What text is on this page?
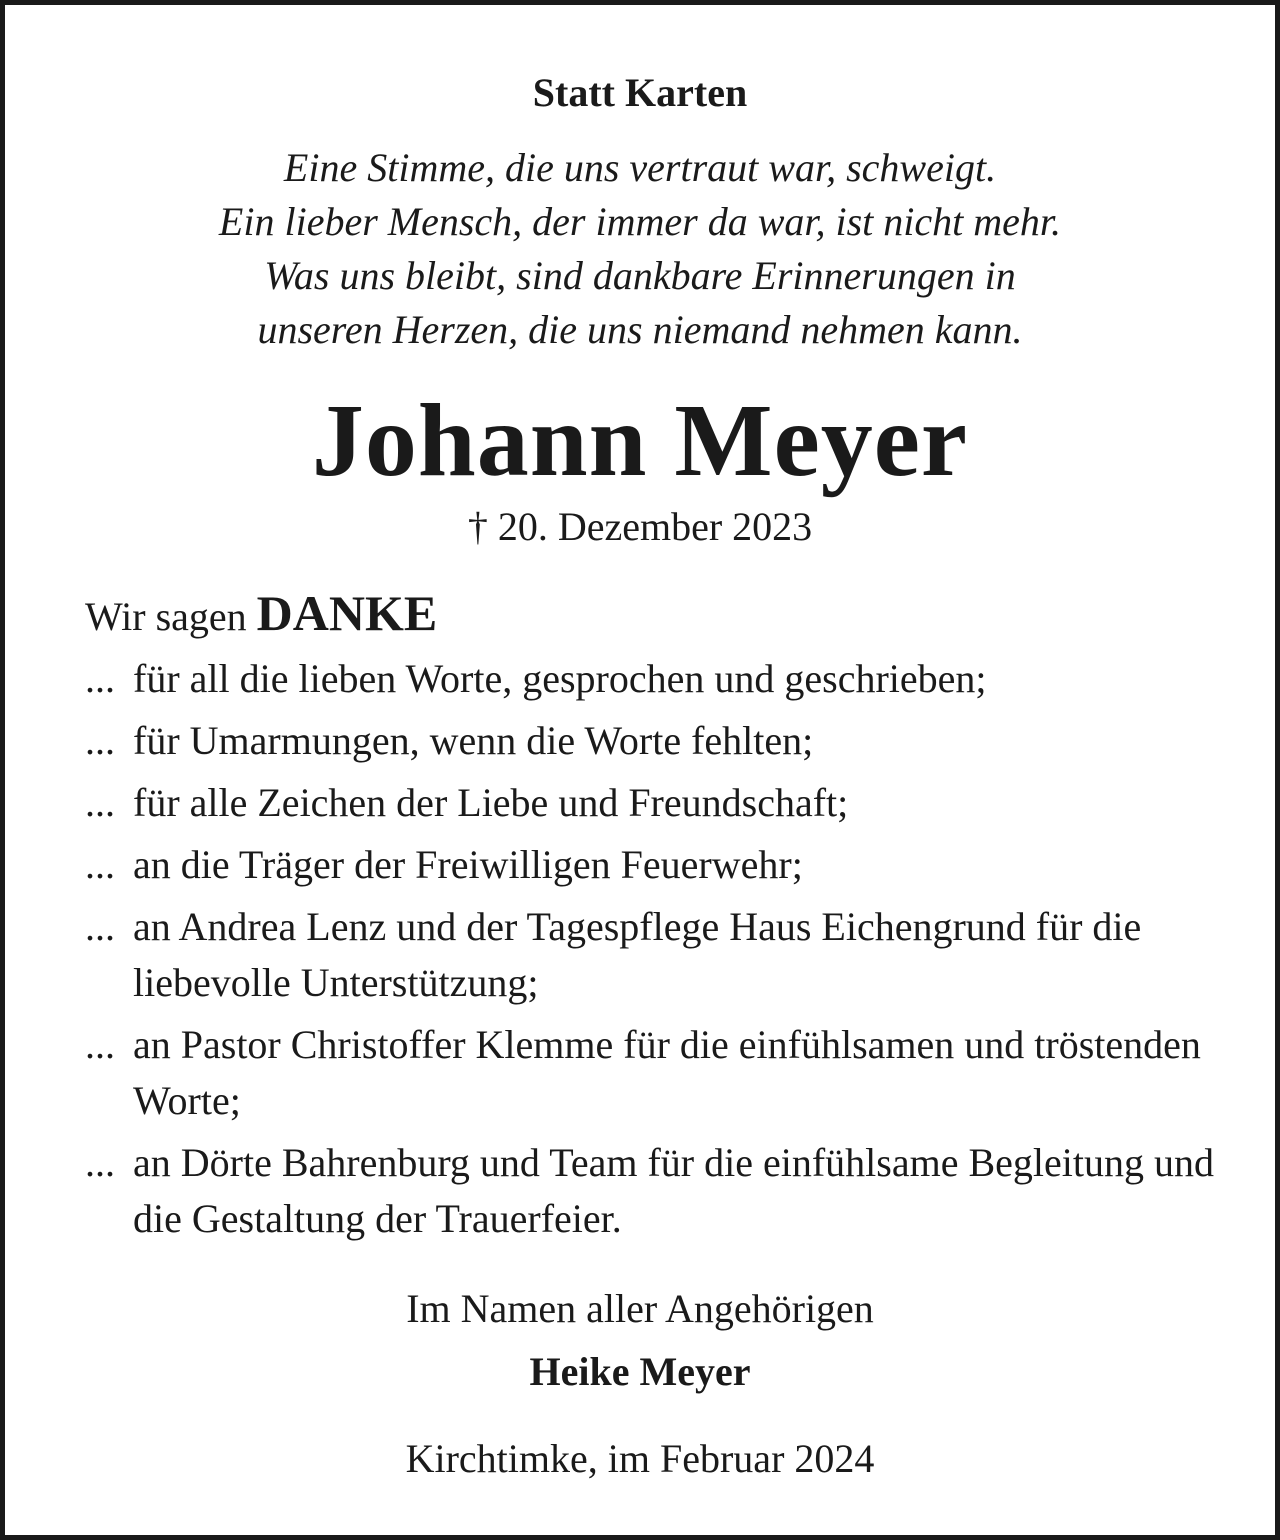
Statt Karten
Eine Stimme, die uns vertraut war, schweigt.
Ein lieber Mensch, der immer da war, ist nicht mehr.
Was uns bleibt, sind dankbare Erinnerungen in
unseren Herzen, die uns niemand nehmen kann.
Johann Meyer
† 20. Dezember 2023
Wir sagen DANKE
... für all die lieben Worte, gesprochen und geschrieben;
... für Umarmungen, wenn die Worte fehlten;
... für alle Zeichen der Liebe und Freundschaft;
... an die Träger der Freiwilligen Feuerwehr;
... an Andrea Lenz und der Tagespflege Haus Eichengrund für die liebevolle Unterstützung;
... an Pastor Christoffer Klemme für die einfühlsamen und tröstenden Worte;
... an Dörte Bahrenburg und Team für die einfühlsame Begleitung und die Gestaltung der Trauerfeier.
Im Namen aller Angehörigen
Heike Meyer
Kirchtimke, im Februar 2024
